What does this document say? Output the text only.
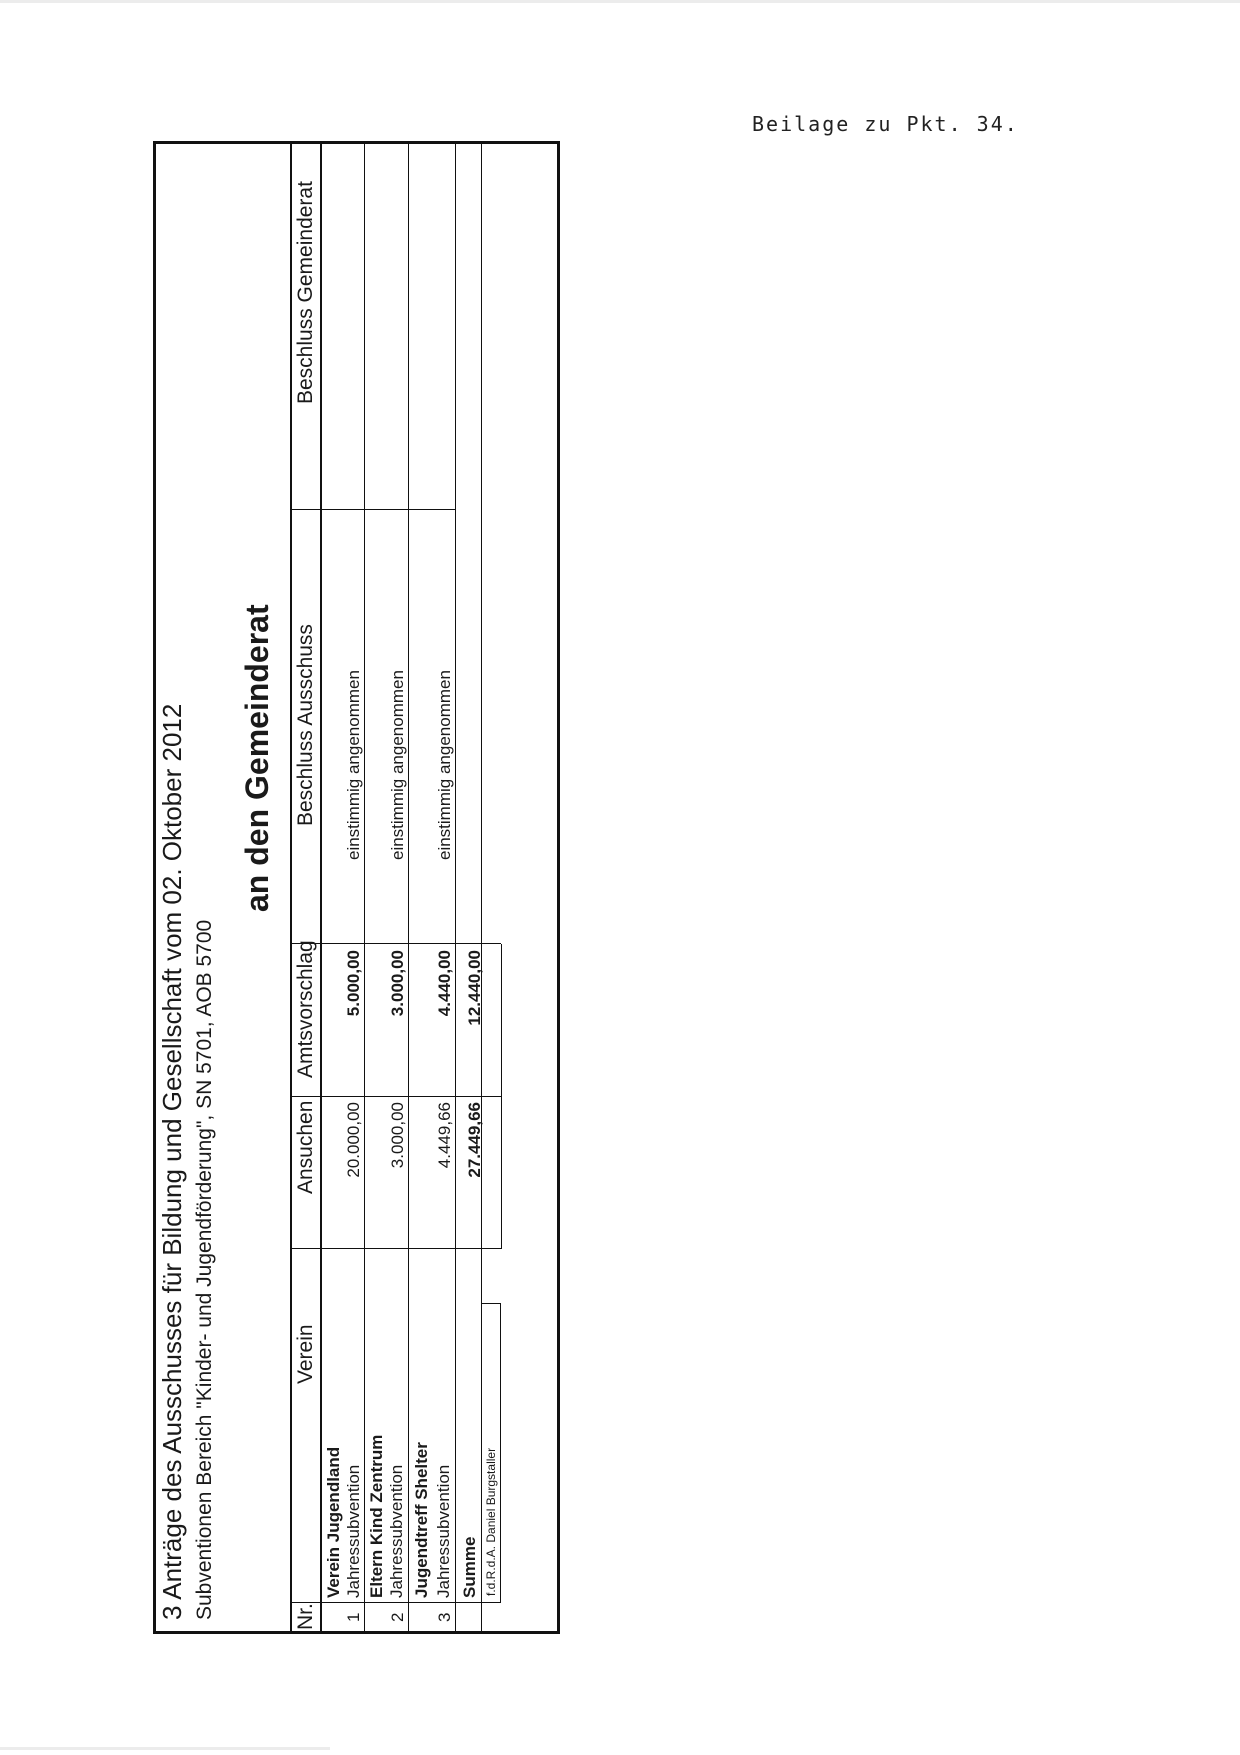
Beilage zu Pkt. 34.
3 Anträge des Ausschusses für Bildung und Gesellschaft vom 02. Oktober 2012 Subventionen Bereich "Kinder- und Jugendförderung", SN 5701, AOB 5700
an den Gemeinderat
Nr.
Verein
Ansuchen
Amtsvorschlag
Beschluss Ausschuss
Beschluss Gemeinderat
1
Verein Jugendland Jahressubvention
20.000,00
5.000,00
einstimmig angenommen
2
Eltern Kind Zentrum Jahressubvention
3.000,00
3.000,00
einstimmig angenommen
3
Jugendtreff Shelter Jahressubvention
4.449,66
4.440,00
einstimmig angenommen
Summe
27.449,66
12.440,00
f.d.R.d.A. Daniel Burgstaller
